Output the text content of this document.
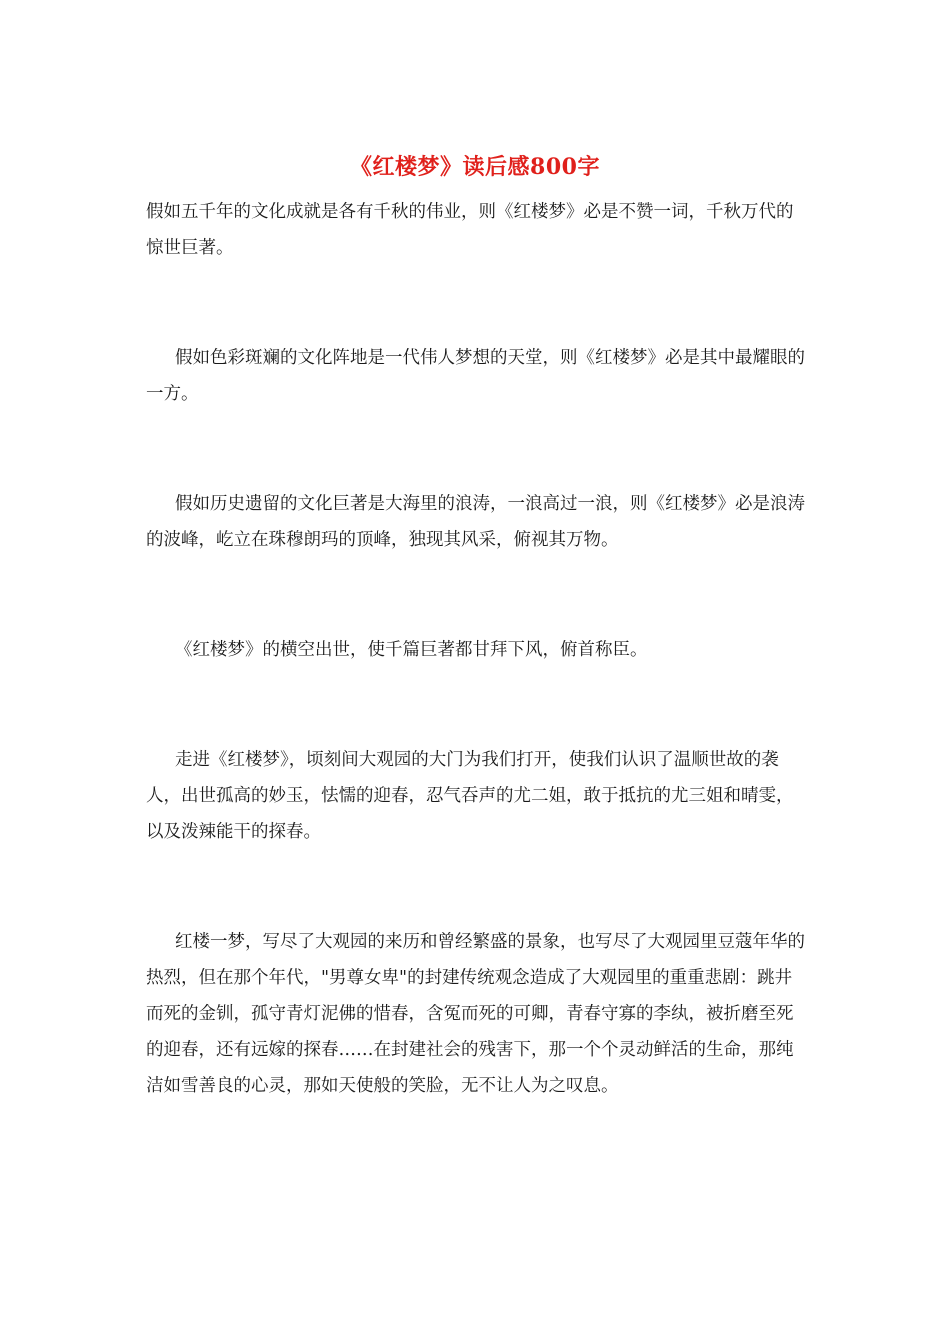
《红楼梦》读后感800字

假如五千年的文化成就是各有千秋的伟业，则《红楼梦》必是不赞一词，千秋万代的惊世巨著。

假如色彩斑斓的文化阵地是一代伟人梦想的天堂，则《红楼梦》必是其中最耀眼的一方。

假如历史遗留的文化巨著是大海里的浪涛，一浪高过一浪，则《红楼梦》必是浪涛的波峰，屹立在珠穆朗玛的顶峰，独现其风采，俯视其万物。

《红楼梦》的横空出世，使千篇巨著都甘拜下风，俯首称臣。

走进《红楼梦》，顷刻间大观园的大门为我们打开，使我们认识了温顺世故的袭人，出世孤高的妙玉，怯懦的迎春，忍气吞声的尤二姐，敢于抵抗的尤三姐和晴雯，以及泼辣能干的探春。

红楼一梦，写尽了大观园的来历和曾经繁盛的景象，也写尽了大观园里豆蔻年华的热烈，但在那个年代，"男尊女卑"的封建传统观念造成了大观园里的重重悲剧：跳井而死的金钏，孤守青灯泥佛的惜春，含冤而死的可卿，青春守寡的李纨，被折磨至死的迎春，还有远嫁的探春……在封建社会的残害下，那一个个灵动鲜活的生命，那纯洁如雪善良的心灵，那如天使般的笑脸，无不让人为之叹息。
